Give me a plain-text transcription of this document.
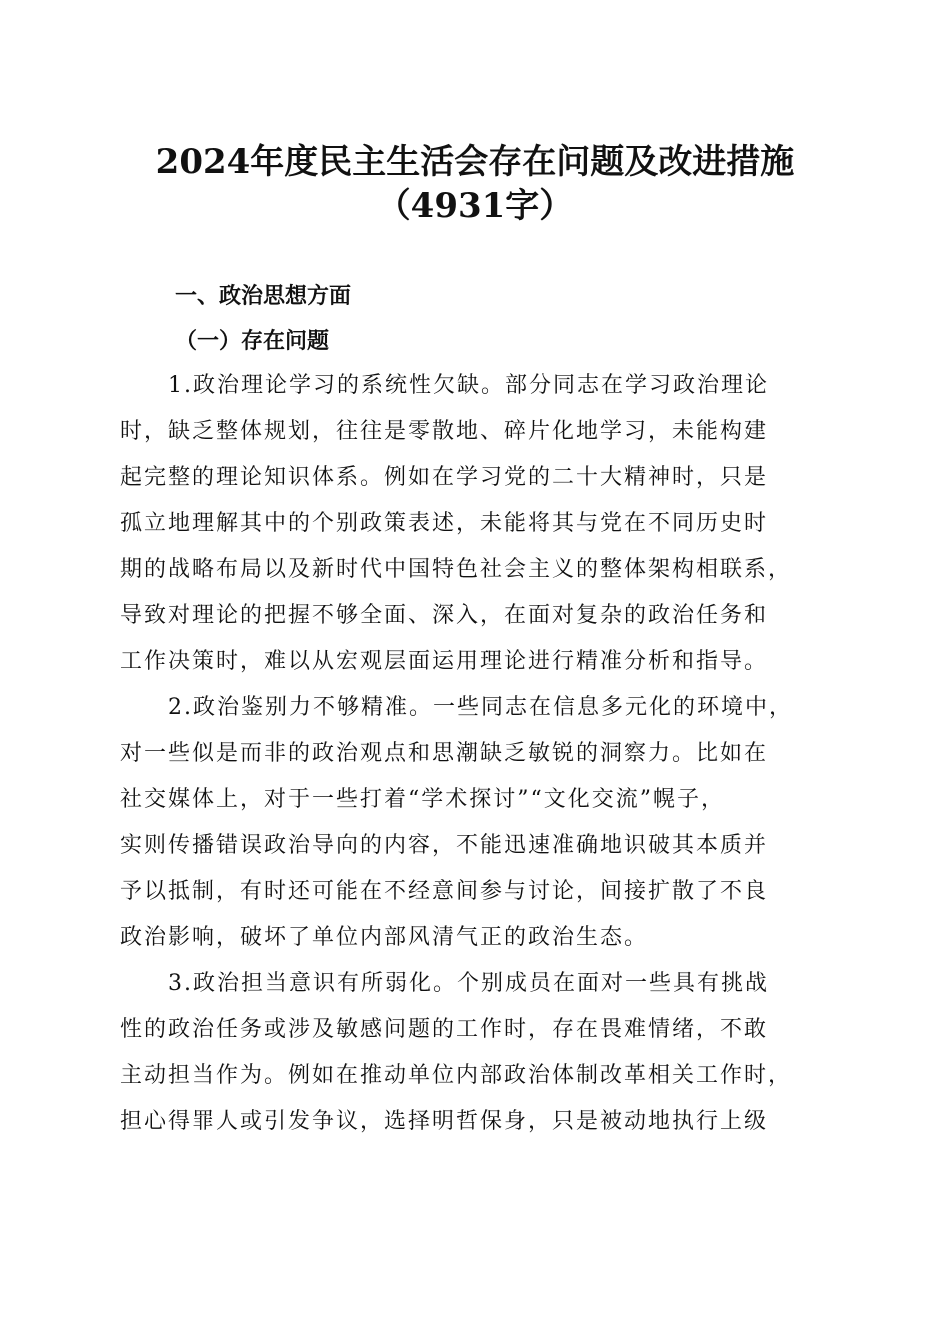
2024年度民主生活会存在问题及改进措施
（4931字）
一、政治思想方面
（一）存在问题

1.政治理论学习的系统性欠缺。部分同志在学习政治理论
时，缺乏整体规划，往往是零散地、碎片化地学习，未能构建
起完整的理论知识体系。例如在学习党的二十大精神时，只是
孤立地理解其中的个别政策表述，未能将其与党在不同历史时
期的战略布局以及新时代中国特色社会主义的整体架构相联系，
导致对理论的把握不够全面、深入，在面对复杂的政治任务和
工作决策时，难以从宏观层面运用理论进行精准分析和指导。

2.政治鉴别力不够精准。一些同志在信息多元化的环境中，
对一些似是而非的政治观点和思潮缺乏敏锐的洞察力。比如在
社交媒体上，对于一些打着“学术探讨”“文化交流”幌子，
实则传播错误政治导向的内容，不能迅速准确地识破其本质并
予以抵制，有时还可能在不经意间参与讨论，间接扩散了不良
政治影响，破坏了单位内部风清气正的政治生态。

3.政治担当意识有所弱化。个别成员在面对一些具有挑战
性的政治任务或涉及敏感问题的工作时，存在畏难情绪，不敢
主动担当作为。例如在推动单位内部政治体制改革相关工作时，
担心得罪人或引发争议，选择明哲保身，只是被动地执行上级
